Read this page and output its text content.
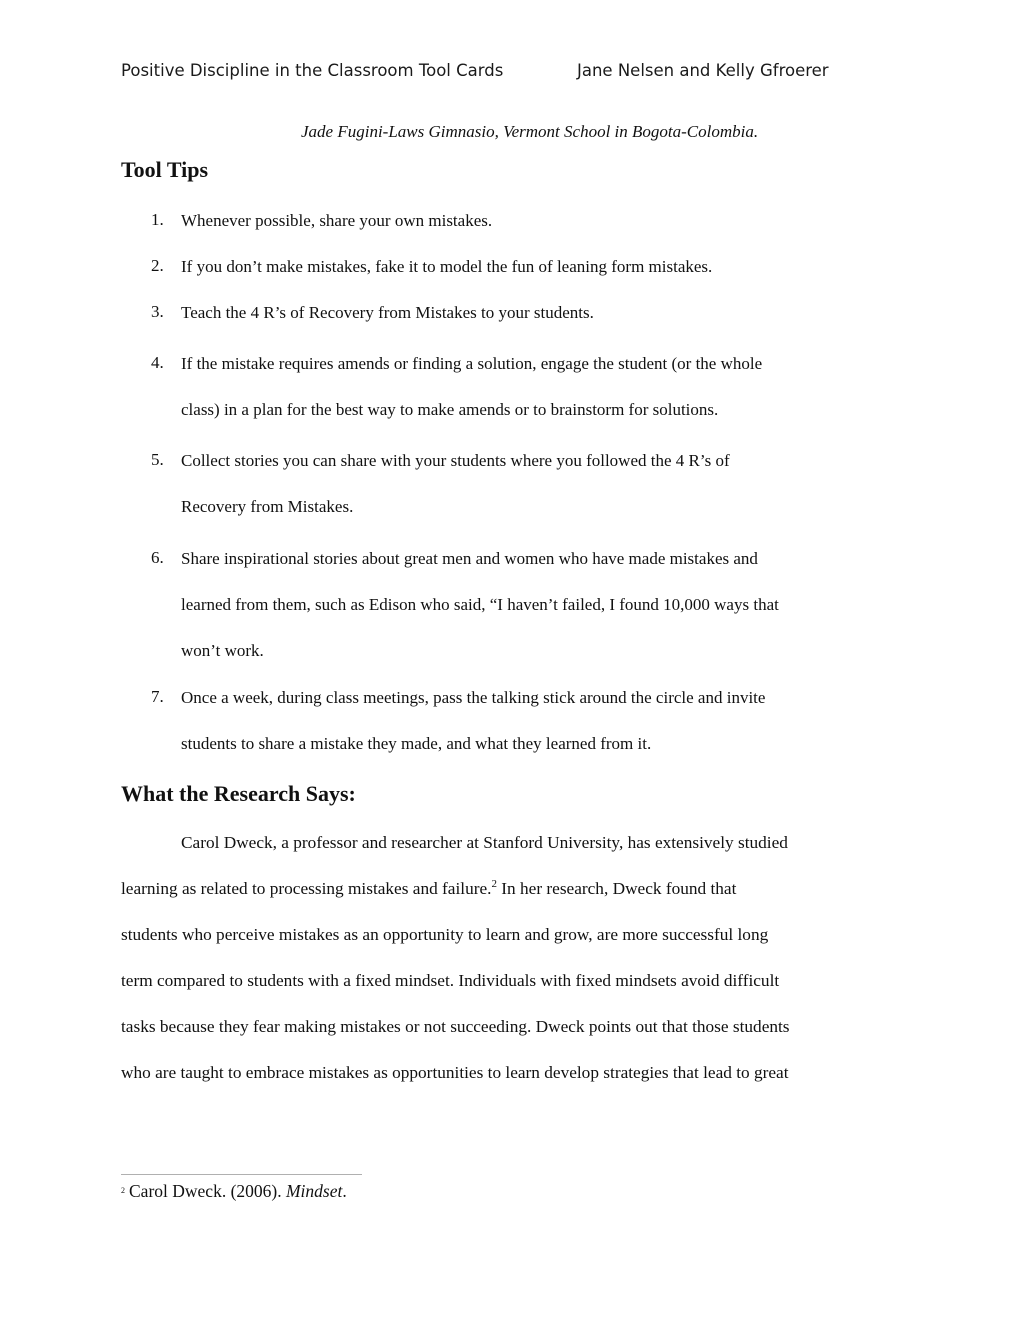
Positive Discipline in the Classroom Tool Cards	Jane Nelsen and Kelly Gfroerer
Jade Fugini-Laws Gimnasio, Vermont School in Bogota-Colombia.
Tool Tips
1. Whenever possible, share your own mistakes.
2. If you don’t make mistakes, fake it to model the fun of leaning form mistakes.
3. Teach the 4 R’s of Recovery from Mistakes to your students.
4. If the mistake requires amends or finding a solution, engage the student (or the whole
class) in a plan for the best way to make amends or to brainstorm for solutions.
5. Collect stories you can share with your students where you followed the 4 R’s of
Recovery from Mistakes.
6. Share inspirational stories about great men and women who have made mistakes and
learned from them, such as Edison who said, “I haven’t failed, I found 10,000 ways that
won’t work.
7. Once a week, during class meetings, pass the talking stick around the circle and invite
students to share a mistake they made, and what they learned from it.
What the Research Says:
Carol Dweck, a professor and researcher at Stanford University, has extensively studied
learning as related to processing mistakes and failure.$^2$ In her research, Dweck found that
students who perceive mistakes as an opportunity to learn and grow, are more successful long
term compared to students with a fixed mindset. Individuals with fixed mindsets avoid difficult
tasks because they fear making mistakes or not succeeding. Dweck points out that those students
who are taught to embrace mistakes as opportunities to learn develop strategies that lead to great
$^2$ Carol Dweck. (2006). Mindset.
